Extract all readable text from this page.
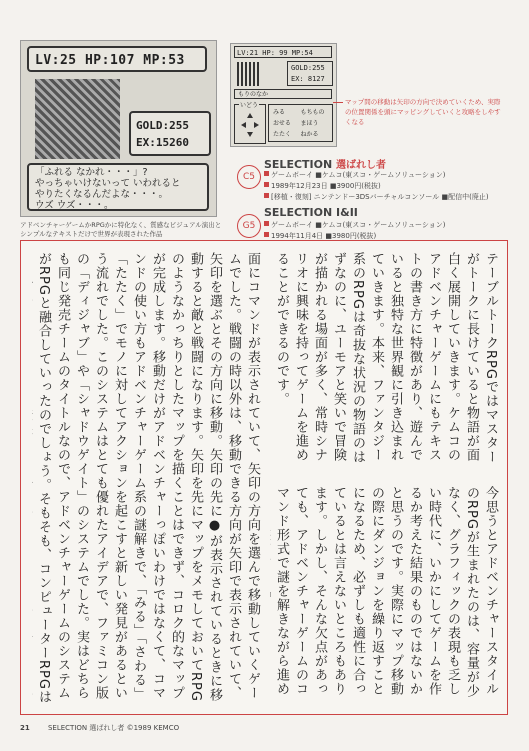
LV:25 HP:107 MP:53
GOLD:255
EX:15260
「ふれる なかれ・・・」?
やっちゃいけないって いわれると
やりたくなるんだよな・・・。
ウズ ウズ・・・。
LV:21 HP: 99 MP:54
GOLD:255
EX: 8127
もりのなか
いどう
みる	もちもの
おせる	まほう
たたく	ねかる
マップ間の移動は矢印の方向で決めていくため、実際の位置関係を頭にマッピングしていくと攻略をしやすくなる
C5
SELECTION 選ばれし者
ゲームボーイ ■ケムコ(東スコ・ゲームソリューション)
1989年12月23日 ■3900円(税抜)
[移植・復刻] ニンテンドー3DSバーチャルコンソール ■配信中(廃止)
G5
SELECTION I&II
ゲームボーイ ■ケムコ(東スコ・ゲームソリューション)
1994年11月4日 ■3980円(税抜)
アドベンチャーゲームかRPGかに特化なく、質感なビジュアル演出とシンプルなテキストだけで世界が表現された作品
テーブルトークRPGではマスターがトークに長けていると物語が面白く展開していきます。ケムコのアドベンチャーゲームにもテキストの書き方に特徴があり、遊んでいると独特な世界観に引き込まれていきます。本来、ファンタジー系のRPGは奇抜な状況の物語のはずなのに、ユーモアと笑いで冒険が描かれる場面が多く、常時シナリオに興味を持ってゲームを進めることができるのです。
今思うとアドベンチャースタイルのRPGが生まれたのは、容量が少なく、グラフィックの表現も乏しい時代に、いかにしてゲームを作るか考えた結果のものではないかと思うのです。実際にマップ移動の際にダンジョンを繰り返すことになるため、必ずしも適性に合っているとは言えないところもあります。しかし、そんな欠点があっても、アドベンチャーゲームのコマンド形式で謎を解きながら進め
面にコマンドが表示されていて、矢印の方向を選んで移動していくゲームでした。戦闘の時以外は、移動できる方向が矢印で表示されていて、矢印を選ぶとその方向に移動。矢印の先に●が表示されているときに移動すると敵と戦闘になります。矢印を先にマップをメモしておいてRPGのようなかっちりとしたマップを描くことはできず、コロク的なマップが完成します。移動だけがアドベンチャーっぽいわけではなくて、コマンドの使い方もアドベンチャーゲーム系の謎解きで、「みる」「さわる」「たたく」でモノに対してアクションを起こすと新しい発見があるという流れでした。このシステムはとても優れたアイデアで、ファミコン版の「ディジャブ」や「シャドウゲイト」のシステムでした。実はどちらも同じ発売チームのタイトルなので、アドベンチャーゲームのシステムがRPGと融合していったのでしょう。そもそも、コンピューターRPGは
21	SELECTION 選ばれし者 ©1989 KEMCO
